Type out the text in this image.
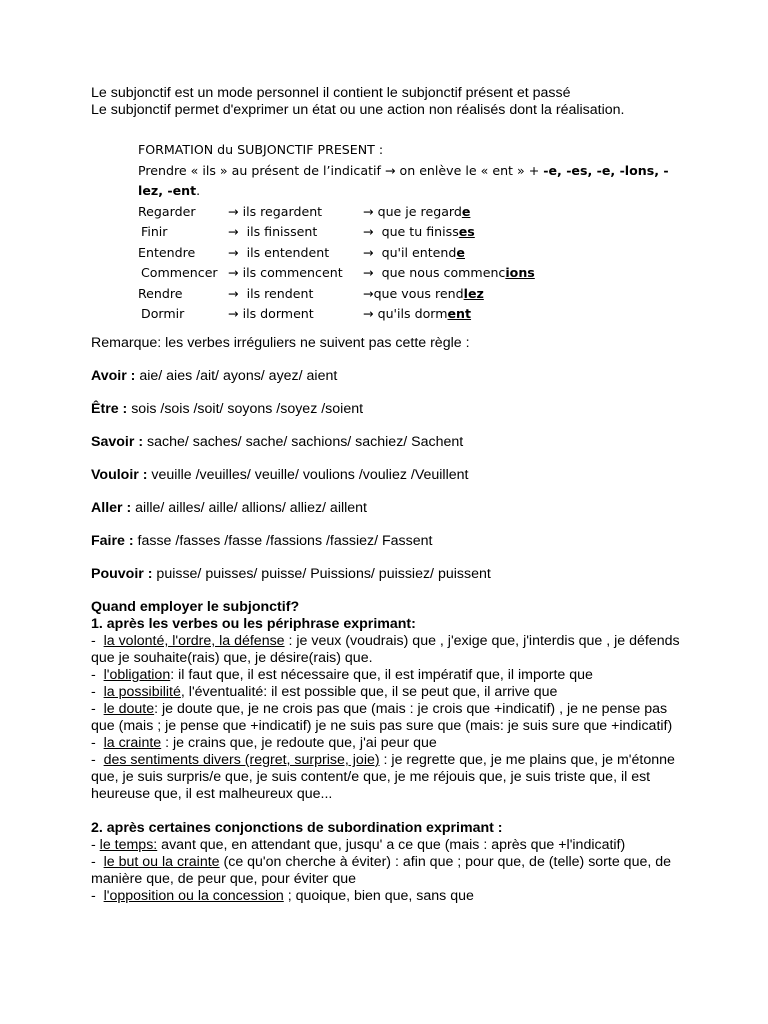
Le subjonctif est un mode personnel il contient le subjonctif présent et passé

Le subjonctif permet d'exprimer un état ou une action non réalisés dont la réalisation.

FORMATION du SUBJONCTIF PRESENT :
Prendre « ils » au présent de l’indicatif → on enlève le « ent » + -e, -es, -e, -lons, -
lez, -ent.
Regarder	→ ils regardent	→ que je regarde
Finir	→ ils finissent	→ que tu finisses
Entendre	→ ils entendent	→ qu'il entende
Commencer → ils commencent	→ que nous commencions
Rendre	→ ils rendent	→que vous rendlez
Dormir	→ ils dorment	→ qu'ils dorment

Remarque: les verbes irréguliers ne suivent pas cette règle :

Avoir : aie/ aies /ait/ ayons/ ayez/ aient

Être : sois /sois /soit/ soyons /soyez /soient

Savoir : sache/ saches/ sache/ sachions/ sachiez/ Sachent

Vouloir : veuille /veuilles/ veuille/ voulions /vouliez /Veuillent

Aller : aille/ ailles/ aille/ allions/ alliez/ aillent

Faire : fasse /fasses /fasse /fassions /fassiez/ Fassent

Pouvoir : puisse/ puisses/ puisse/ Puissions/ puissiez/ puissent

Quand employer le subjonctif?
1. après les verbes ou les périphrase exprimant:
-  la volonté, l'ordre, la défense : je veux (voudrais) que , j'exige que, j'interdis que , je défends que je souhaite(rais) que, je désire(rais) que.
-  l'obligation: il faut que, il est nécessaire que, il est impératif que, il importe que
-  la possibilité, l'éventualité: il est possible que, il se peut que, il arrive que
-  le doute: je doute que, je ne crois pas que (mais : je crois que +indicatif) , je ne pense pas que (mais ; je pense que +indicatif) je ne suis pas sure que (mais: je suis sure que +indicatif)
-  la crainte : je crains que, je redoute que, j'ai peur que
-  des sentiments divers (regret, surprise, joie) : je regrette que, je me plains que, je m'étonne que, je suis surpris/e que, je suis content/e que, je me réjouis que, je suis triste que, il est heureuse que, il est malheureux que...
2. après certaines conjonctions de subordination exprimant :
- le temps: avant que, en attendant que, jusqu' a ce que (mais : après que +l'indicatif)
-  le but ou la crainte (ce qu'on cherche à éviter) : afin que ; pour que, de (telle) sorte que, de manière que, de peur que, pour éviter que
-  l'opposition ou la concession ; quoique, bien que, sans que
